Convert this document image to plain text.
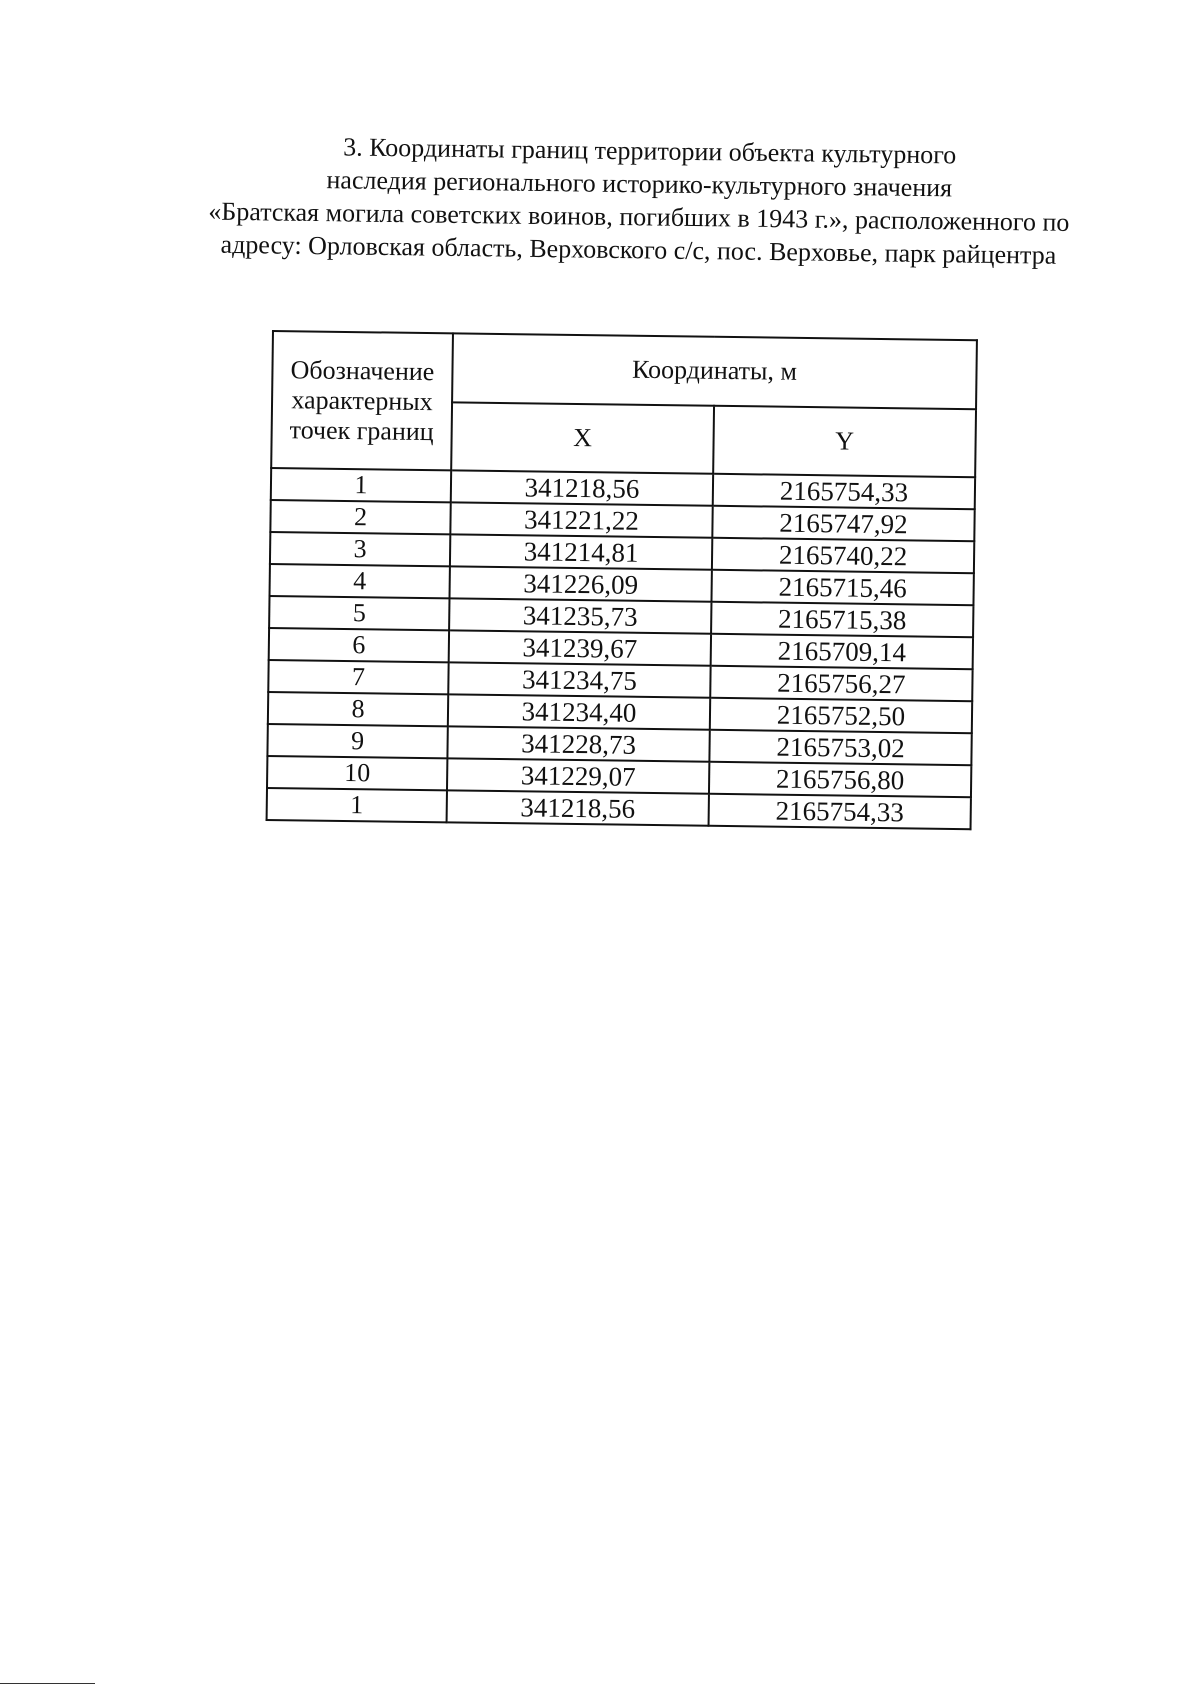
3. Координаты границ территории объекта культурного
наследия регионального историко-культурного значения
«Братская могила советских воинов, погибших в 1943 г.», расположенного по
адресу: Орловская область, Верховского с/с, пос. Верховье, парк райцентра
Обозначение характерных точек границ	Координаты, м	
	X	Y
1	341218,56	2165754,33
2	341221,22	2165747,92
3	341214,81	2165740,22
4	341226,09	2165715,46
5	341235,73	2165715,38
6	341239,67	2165709,14
7	341234,75	2165756,27
8	341234,40	2165752,50
9	341228,73	2165753,02
10	341229,07	2165756,80
1	341218,56	2165754,33
